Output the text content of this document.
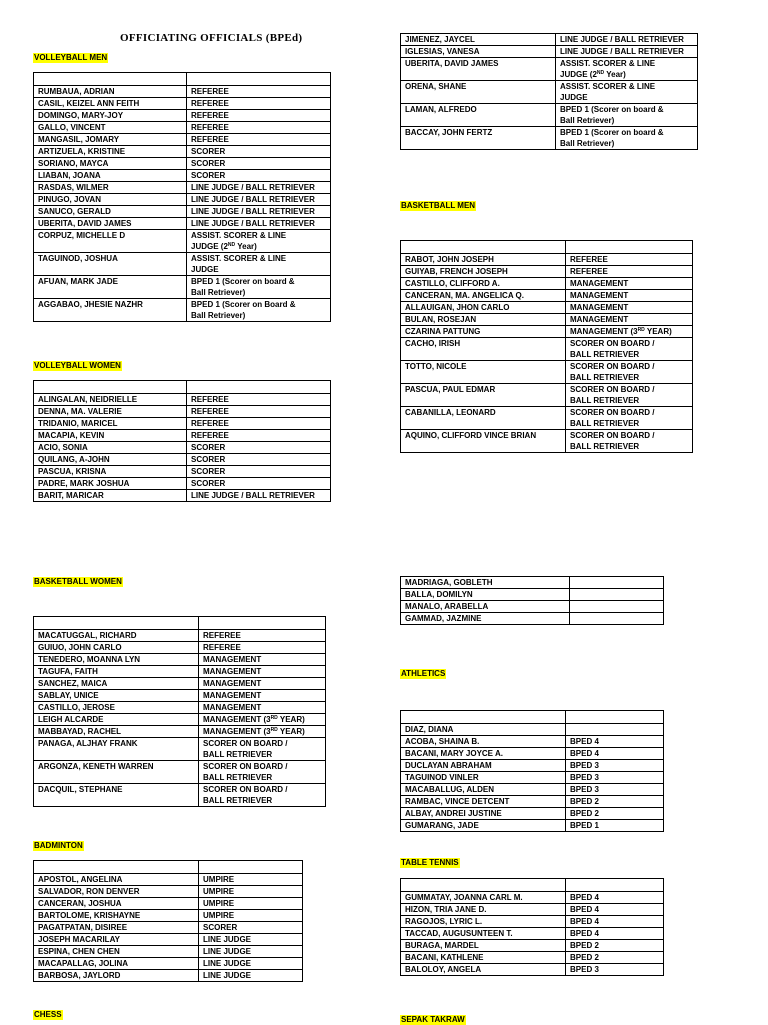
OFFICIATING OFFICIALS (BPEd)
VOLLEYBALL MEN
VOLLEYBALL WOMEN
BASKETBALL MEN
BASKETBALL WOMEN
ATHLETICS
BADMINTON
TABLE TENNIS
CHESS
SEPAK TAKRAW

RUMBAUA, ADRIAN	REFEREE
CASIL, KEIZEL ANN FEITH	REFEREE
DOMINGO, MARY-JOY	REFEREE
GALLO, VINCENT	REFEREE
MANGASIL, JOMARY	REFEREE
ARTIZUELA, KRISTINE	SCORER
SORIANO, MAYCA	SCORER
LIABAN, JOANA	SCORER
RASDAS, WILMER	LINE JUDGE / BALL RETRIEVER
PINUGO, JOVAN	LINE JUDGE / BALL RETRIEVER
SANUCO, GERALD	LINE JUDGE / BALL RETRIEVER
UBERITA, DAVID JAMES	LINE JUDGE / BALL RETRIEVER
CORPUZ, MICHELLE D	ASSIST. SCORER & LINE
JUDGE (2ND Year)
TAGUINOD, JOSHUA	ASSIST. SCORER & LINE
JUDGE
AFUAN, MARK JADE	BPED 1 (Scorer on board &
Ball Retriever)
AGGABAO, JHESIE NAZHR	BPED 1 (Scorer on Board &
Ball Retriever)
JIMENEZ, JAYCEL	LINE JUDGE / BALL RETRIEVER
IGLESIAS, VANESA	LINE JUDGE / BALL RETRIEVER
UBERITA, DAVID JAMES	ASSIST. SCORER & LINE
JUDGE (2ND Year)
ORENA, SHANE	ASSIST. SCORER & LINE
JUDGE
LAMAN, ALFREDO	BPED 1 (Scorer on board &
Ball Retriever)
BACCAY, JOHN FERTZ	BPED 1 (Scorer on board &
Ball Retriever)

ALINGALAN, NEIDRIELLE	REFEREE
DENNA, MA. VALERIE	REFEREE
TRIDANIO, MARICEL	REFEREE
MACAPIA, KEVIN	REFEREE
ACIO, SONIA	SCORER
QUILANG, A-JOHN	SCORER
PASCUA, KRISNA	SCORER
PADRE, MARK JOSHUA	SCORER
BARIT, MARICAR	LINE JUDGE / BALL RETRIEVER

RABOT, JOHN JOSEPH	REFEREE
GUIYAB, FRENCH JOSEPH	REFEREE
CASTILLO, CLIFFORD A.	MANAGEMENT
CANCERAN, MA. ANGELICA Q.	MANAGEMENT
ALLAUIGAN, JHON CARLO	MANAGEMENT
BULAN, ROSEJAN	MANAGEMENT
CZARINA PATTUNG	MANAGEMENT (3RD YEAR)
CACHO, IRISH	SCORER ON BOARD /
BALL RETRIEVER
TOTTO, NICOLE	SCORER ON BOARD /
BALL RETRIEVER
PASCUA, PAUL EDMAR	SCORER ON BOARD /
BALL RETRIEVER
CABANILLA, LEONARD	SCORER ON BOARD /
BALL RETRIEVER
AQUINO, CLIFFORD VINCE BRIAN	SCORER ON BOARD /
BALL RETRIEVER

MACATUGGAL, RICHARD	REFEREE
GUIUO, JOHN CARLO	REFEREE
TENEDERO, MOANNA LYN	MANAGEMENT
TAGUFA, FAITH	MANAGEMENT
SANCHEZ, MAICA	MANAGEMENT
SABLAY, UNICE	MANAGEMENT
CASTILLO, JEROSE	MANAGEMENT
LEIGH ALCARDE	MANAGEMENT (3RD YEAR)
MABBAYAD, RACHEL	MANAGEMENT (3RD YEAR)
PANAGA, ALJHAY FRANK	SCORER ON BOARD /
BALL RETRIEVER
ARGONZA, KENETH WARREN	SCORER ON BOARD /
BALL RETRIEVER
DACQUIL, STEPHANE	SCORER ON BOARD /
BALL RETRIEVER
MADRIAGA, GOBLETH	
BALLA, DOMILYN	
MANALO, ARABELLA	
GAMMAD, JAZMINE	

DIAZ, DIANA	
ACOBA, SHAINA B.	BPED 4
BACANI, MARY JOYCE A.	BPED 4
DUCLAYAN ABRAHAM	BPED 3
TAGUINOD VINLER	BPED 3
MACABALLUG, ALDEN	BPED 3
RAMBAC, VINCE DETCENT	BPED 2
ALBAY, ANDREI JUSTINE	BPED 2
GUMARANG, JADE	BPED 1

APOSTOL, ANGELINA	UMPIRE
SALVADOR, RON DENVER	UMPIRE
CANCERAN, JOSHUA	UMPIRE
BARTOLOME, KRISHAYNE	UMPIRE
PAGATPATAN, DISIREE	SCORER
JOSEPH MACARILAY	LINE JUDGE
ESPINA, CHEN CHEN	LINE JUDGE
MACAPALLAG, JOLINA	LINE JUDGE
BARBOSA, JAYLORD	LINE JUDGE

GUMMATAY, JOANNA CARL M.	BPED 4
HIZON, TRIA JANE D.	BPED 4
RAGOJOS, LYRIC L.	BPED 4
TACCAD, AUGUSUNTEEN T.	BPED 4
BURAGA, MARDEL	BPED 2
BACANI, KATHLENE	BPED 2
BALOLOY, ANGELA	BPED 3
